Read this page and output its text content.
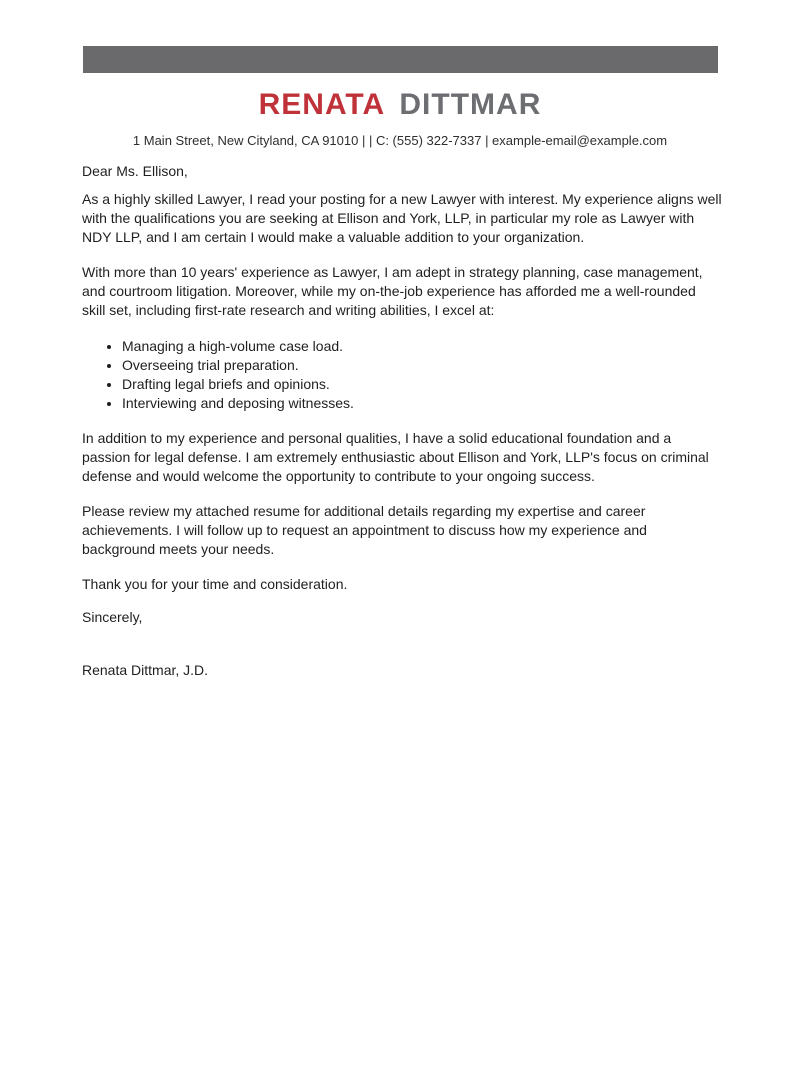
RENATA DITTMAR
1 Main Street, New Cityland, CA 91010 | | C: (555) 322-7337 | example-email@example.com

Dear Ms. Ellison,

As a highly skilled Lawyer, I read your posting for a new Lawyer with interest. My experience aligns well with the qualifications you are seeking at Ellison and York, LLP, in particular my role as Lawyer with NDY LLP, and I am certain I would make a valuable addition to your organization.

With more than 10 years' experience as Lawyer, I am adept in strategy planning, case management, and courtroom litigation. Moreover, while my on-the-job experience has afforded me a well-rounded skill set, including first-rate research and writing abilities, I excel at:

• Managing a high-volume case load.
• Overseeing trial preparation.
• Drafting legal briefs and opinions.
• Interviewing and deposing witnesses.

In addition to my experience and personal qualities, I have a solid educational foundation and a passion for legal defense. I am extremely enthusiastic about Ellison and York, LLP's focus on criminal defense and would welcome the opportunity to contribute to your ongoing success.

Please review my attached resume for additional details regarding my expertise and career achievements. I will follow up to request an appointment to discuss how my experience and background meets your needs.

Thank you for your time and consideration.

Sincerely,

Renata Dittmar, J.D.
